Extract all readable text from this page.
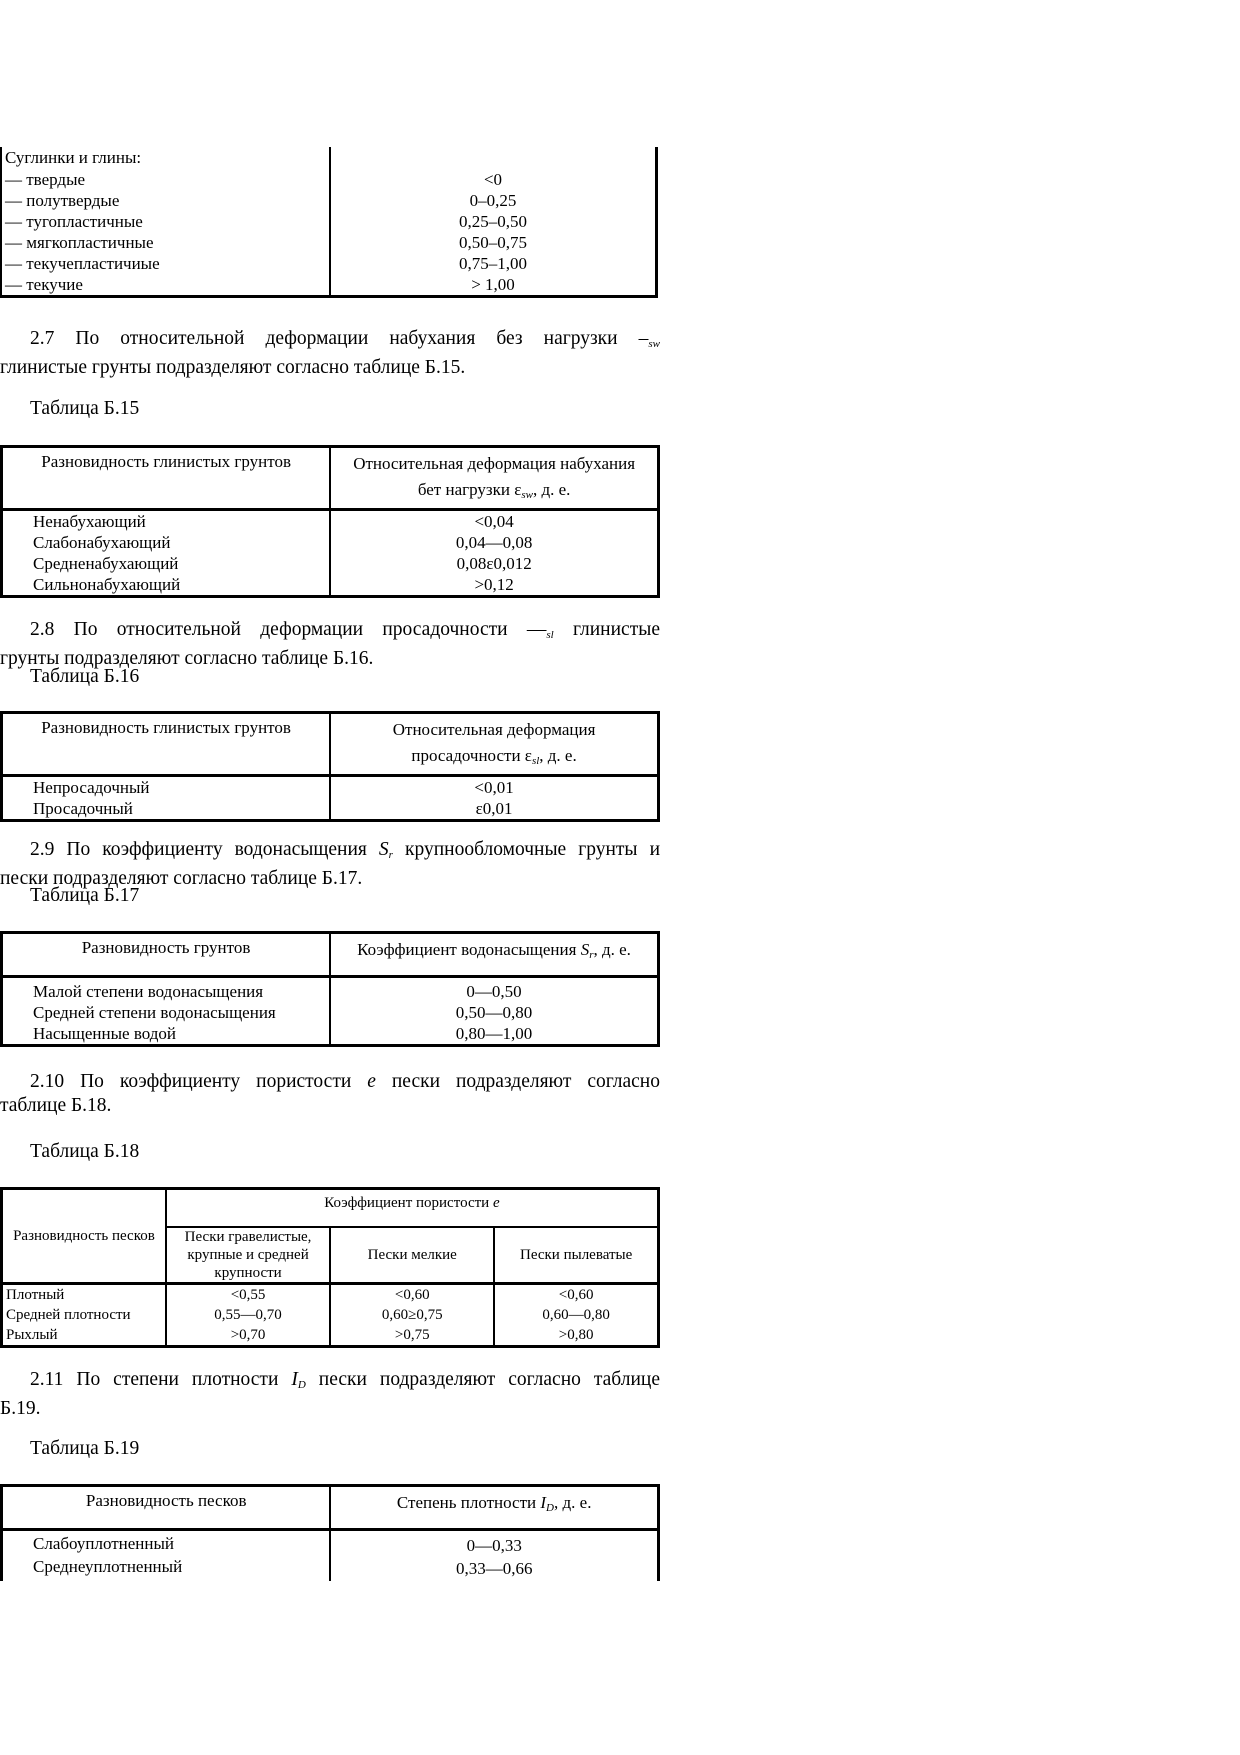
Суглинки и глины:	
— твердые	<0
— полутвердые	0–0,25
— тугопластичные	0,25–0,50
— мягкопластичные	0,50–0,75
— текучепластичиые	0,75–1,00
— текучие	> 1,00
2.7 По относительной деформации набухания без нагрузки $-_{sw}$
глинистые грунты подразделяют согласно таблице Б.15.
Таблица Б.15
Разновидность глинистых грунтов	Относительная деформация набухания
бет нагрузки $\varepsilon_{sw}$, д. е.
Ненабухающий	<0,04
Слабонабухающий	0,04—0,08
Средненабухающий	0,08ε0,012
Сильнонабухающий	>0,12
2.8 По относительной деформации просадочности $—_{sl}$ глинистые
грунты подразделяют согласно таблице Б.16.
Таблица Б.16
Разновидность глинистых грунтов	Относительная деформация
просадочности $\varepsilon_{sl}$, д. е.
Непросадочный	<0,01
Просадочный	ε0,01
2.9 По коэффициенту водонасыщения $S_r$ крупнообломочные грунты и
пески подразделяют согласно таблице Б.17.
Таблица Б.17
Разновидность грунтов	Коэффициент водонасыщения $S_r$, д. е.
Малой степени водонасыщения	0—0,50
Средней степени водонасыщения	0,50—0,80
Насыщенные водой	0,80—1,00
2.10 По коэффициенту пористости е пески подразделяют согласно
таблице Б.18.
Таблица Б.18
Разновидность песков	Коэффициент пористости е		
	Пески гравелистые, крупные и средней крупности	Пески мелкие	Пески пылеватые
Плотный	<0,55	<0,60	<0,60
Средней плотности	0,55—0,70	0,60≥0,75	0,60—0,80
Рыхлый	>0,70	>0,75	>0,80
2.11 По степени плотности $I_D$ пески подразделяют согласно таблице
Б.19.
Таблица Б.19
Разновидность песков	Степень плотности $I_D$, д. е.
Слабоуплотненный	0—0,33
Среднеуплотненный	0,33—0,66
